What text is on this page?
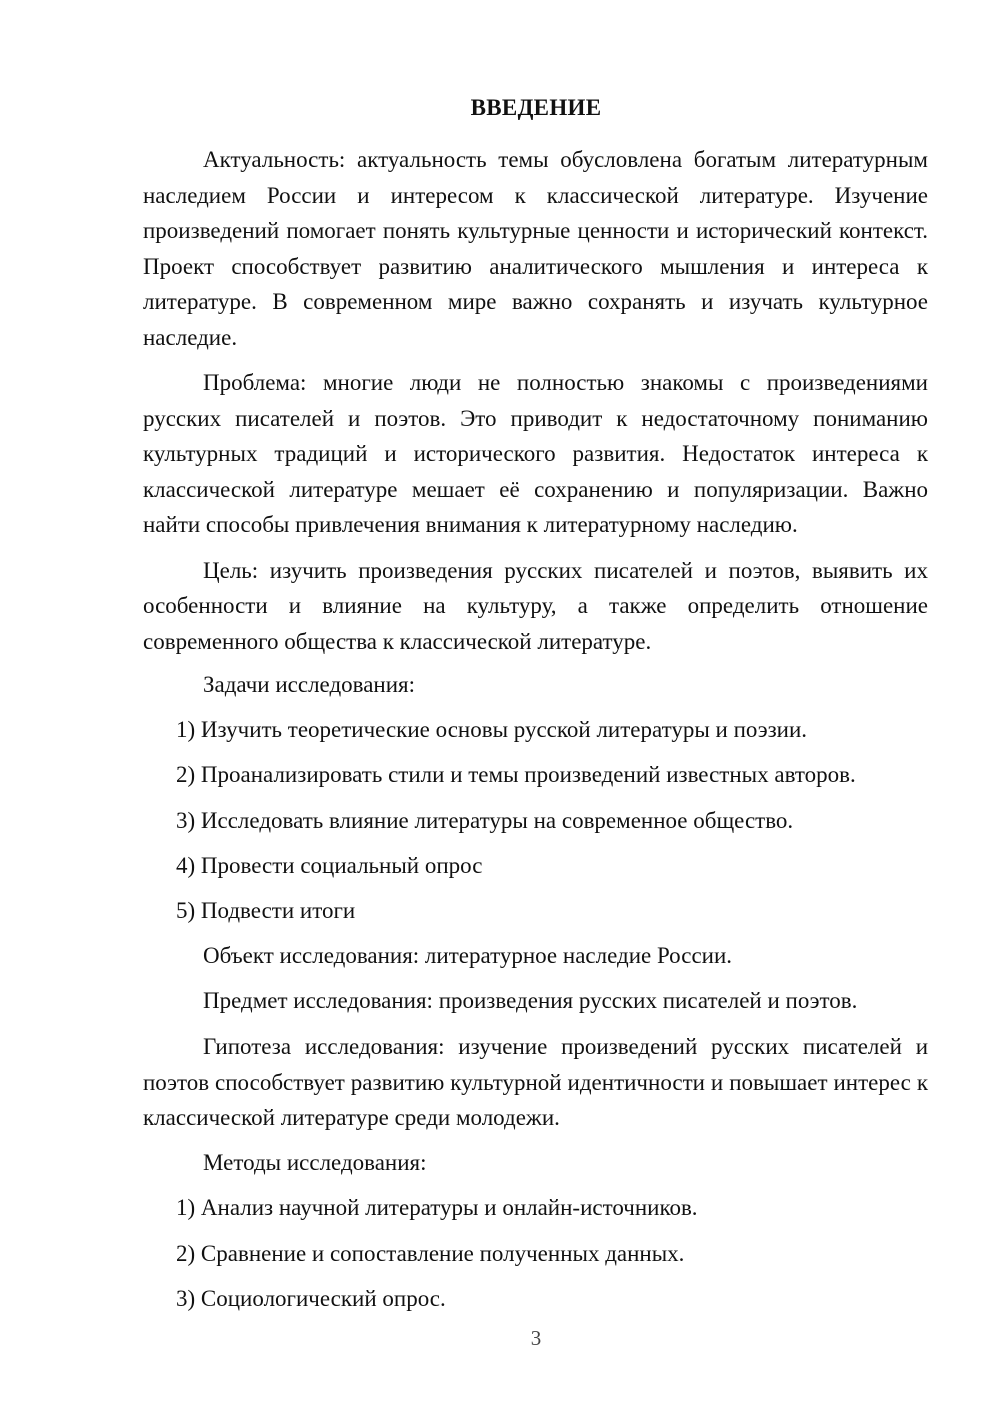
ВВЕДЕНИЕ

Актуальность: актуальность темы обусловлена богатым литературным наследием России и интересом к классической литературе. Изучение произведений помогает понять культурные ценности и исторический контекст. Проект способствует развитию аналитического мышления и интереса к литературе. В современном мире важно сохранять и изучать культурное наследие.

Проблема: многие люди не полностью знакомы с произведениями русских писателей и поэтов. Это приводит к недостаточному пониманию культурных традиций и исторического развития. Недостаток интереса к классической литературе мешает её сохранению и популяризации. Важно найти способы привлечения внимания к литературному наследию.

Цель: изучить произведения русских писателей и поэтов, выявить их особенности и влияние на культуру, а также определить отношение современного общества к классической литературе.

Задачи исследования:
1) Изучить теоретические основы русской литературы и поэзии.
2) Проанализировать стили и темы произведений известных авторов.
3) Исследовать влияние литературы на современное общество.
4) Провести социальный опрос
5) Подвести итоги
Объект исследования: литературное наследие России.
Предмет исследования: произведения русских писателей и поэтов.

Гипотеза исследования: изучение произведений русских писателей и поэтов способствует развитию культурной идентичности и повышает интерес к классической литературе среди молодежи.

Методы исследования:
1) Анализ научной литературы и онлайн-источников.
2) Сравнение и сопоставление полученных данных.
3) Социологический опрос.
3
